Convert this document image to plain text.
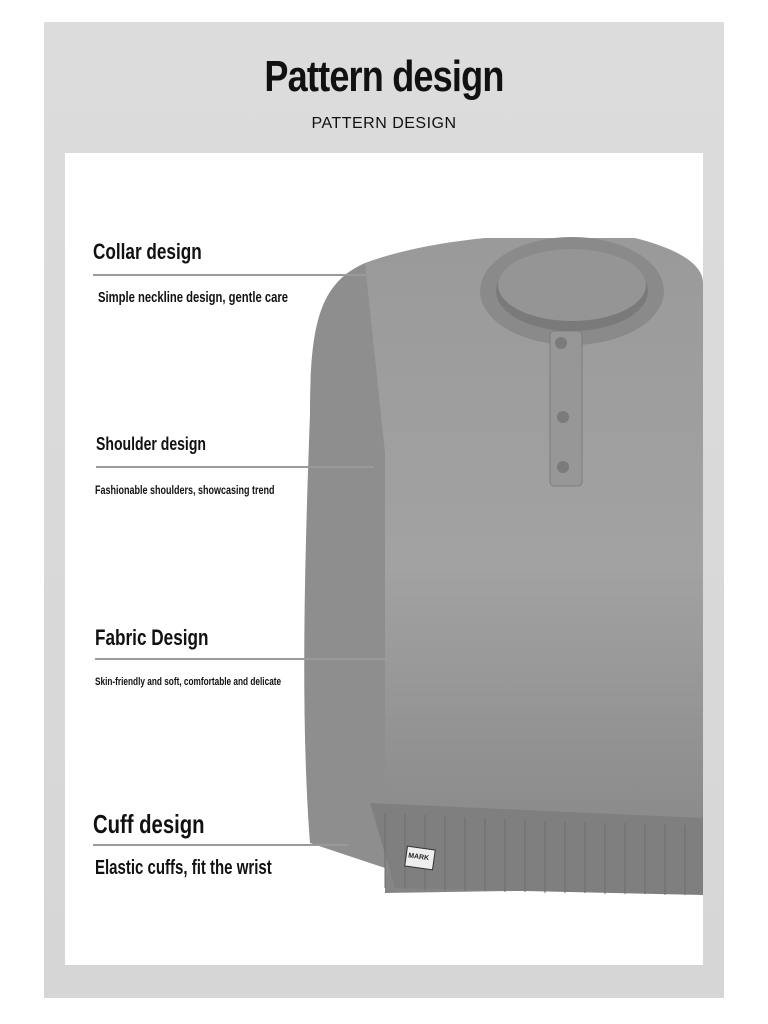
Pattern design
PATTERN DESIGN
MARK
Collar design
Simple neckline design, gentle care
Shoulder design
Fashionable shoulders, showcasing trend
Fabric Design
Skin-friendly and soft, comfortable and delicate
Cuff design
Elastic cuffs, fit the wrist
